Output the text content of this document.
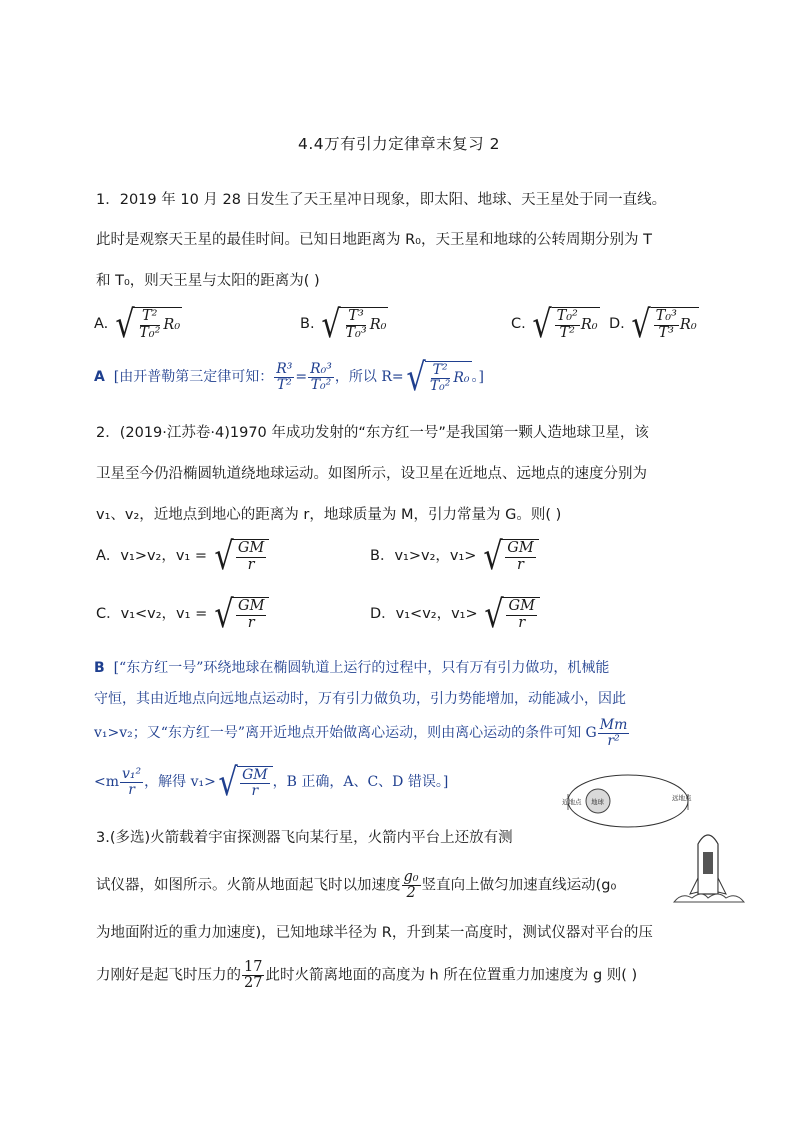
4.4万有引力定律章末复习 2
1．2019 年 10 月 28 日发生了天王星冲日现象，即太阳、地球、天王星处于同一直线。
此时是观察天王星的最佳时间。已知日地距离为 R₀，天王星和地球的公转周期分别为 T
和 T₀，则天王星与太阳的距离为( )
A. √ $\frac{\text{T²}}{\text{T₀²}} R_0$	B. √ $\frac{\text{T³}}{\text{T₀³}} R_0$	C. √ $\frac{\text{T₀²}}{\text{T²}} R_0$ D. √ $\frac{\text{T₀³}}{\text{T³}} R_0$
A [由开普勒第三定律可知： $\frac{\text{R³}}{\text{T²}} = \frac{\text{R₀³}}{\text{T₀²}}$ ，所以 R= √ $\frac{\text{T²}}{\text{T₀²}} R_0$ 。]
2．(2019·江苏卷·4)1970 年成功发射的“东方红一号”是我国第一颗人造地球卫星，该
卫星至今仍沿椭圆轨道绕地球运动。如图所示，设卫星在近地点、远地点的速度分别为
v₁、v₂，近地点到地心的距离为 r，地球质量为 M，引力常量为 G。则( )
A．v₁>v₂，v₁ = √ $\frac{GM}{r}$	B．v₁>v₂，v₁> √ $\frac{GM}{r}$
C．v₁<v₂，v₁ = √ $\frac{GM}{r}$	D．v₁<v₂，v₁> √ $\frac{GM}{r}$
B [“东方红一号”环绕地球在椭圆轨道上运行的过程中，只有万有引力做功，机械能
守恒，其由近地点向远地点运动时，万有引力做负功，引力势能增加，动能减小，因此
v₁>v₂；又“东方红一号”离开近地点开始做离心运动，则由离心运动的条件可知 G $\frac{Mm}{\text{r²}}$
$<m \frac{\text{v₁²}}{r}$ ，解得 v₁> √ $\frac{GM}{r}$ ，B 正确，A、C、D 错误。]
地球
近地点	远地点
3.(多选)火箭载着宇宙探测器飞向某行星，火箭内平台上还放有测
试仪器，如图所示。火箭从地面起飞时以加速度 $\frac{\text{g₀}}{2}$ 竖直向上做匀加速直线运动(g₀
为地面附近的重力加速度)，已知地球半径为 R，升到某一高度时，测试仪器对平台的压
力刚好是起飞时压力的 $\frac{17}{27}$ 此时火箭离地面的高度为 h 所在位置重力加速度为 g 则( )
